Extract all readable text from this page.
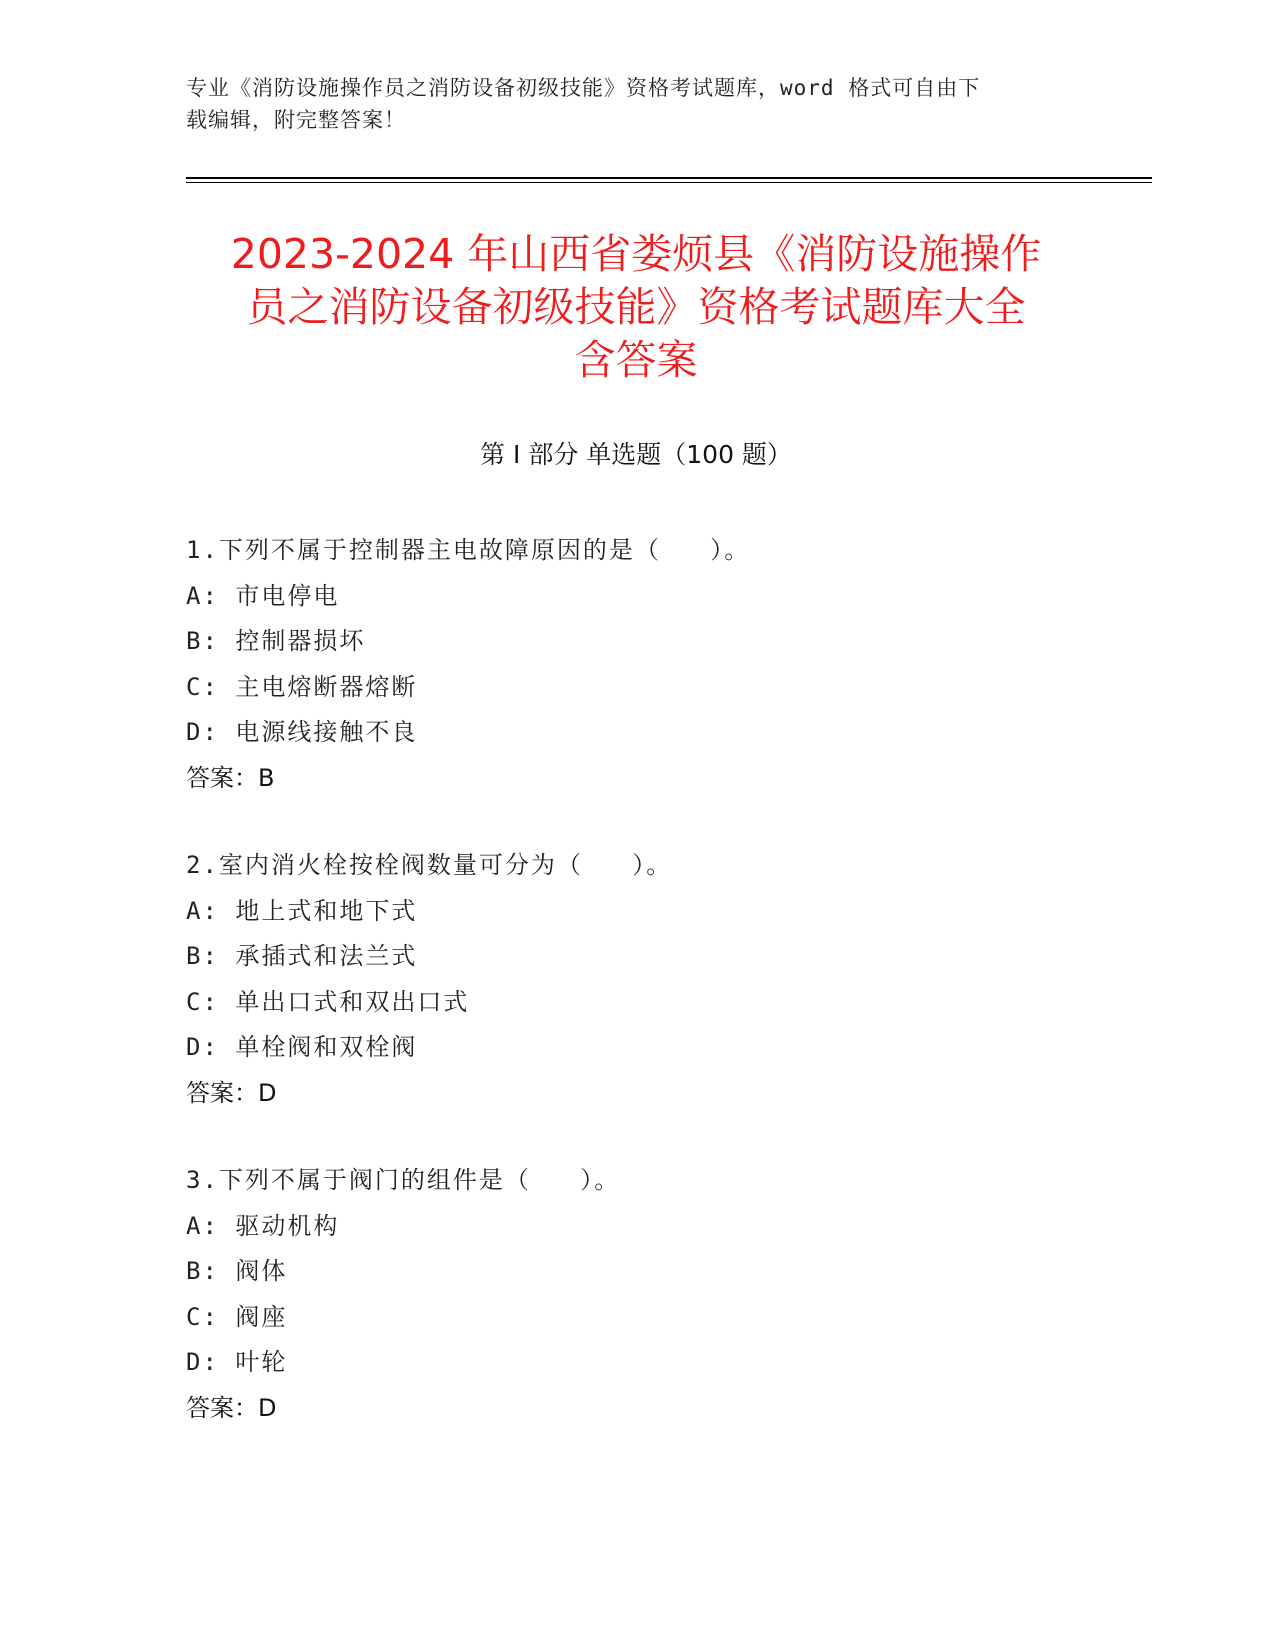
专业《消防设施操作员之消防设备初级技能》资格考试题库，word 格式可自由下
载编辑，附完整答案！
2023-2024 年山西省娄烦县《消防设施操作
员之消防设备初级技能》资格考试题库大全
含答案
第 I 部分 单选题（100 题）
1.下列不属于控制器主电故障原因的是（   ）。
A: 市电停电
B: 控制器损坏
C: 主电熔断器熔断
D: 电源线接触不良
答案：B
2.室内消火栓按栓阀数量可分为（   ）。
A: 地上式和地下式
B: 承插式和法兰式
C: 单出口式和双出口式
D: 单栓阀和双栓阀
答案：D
3.下列不属于阀门的组件是（   ）。
A: 驱动机构
B: 阀体
C: 阀座
D: 叶轮
答案：D
